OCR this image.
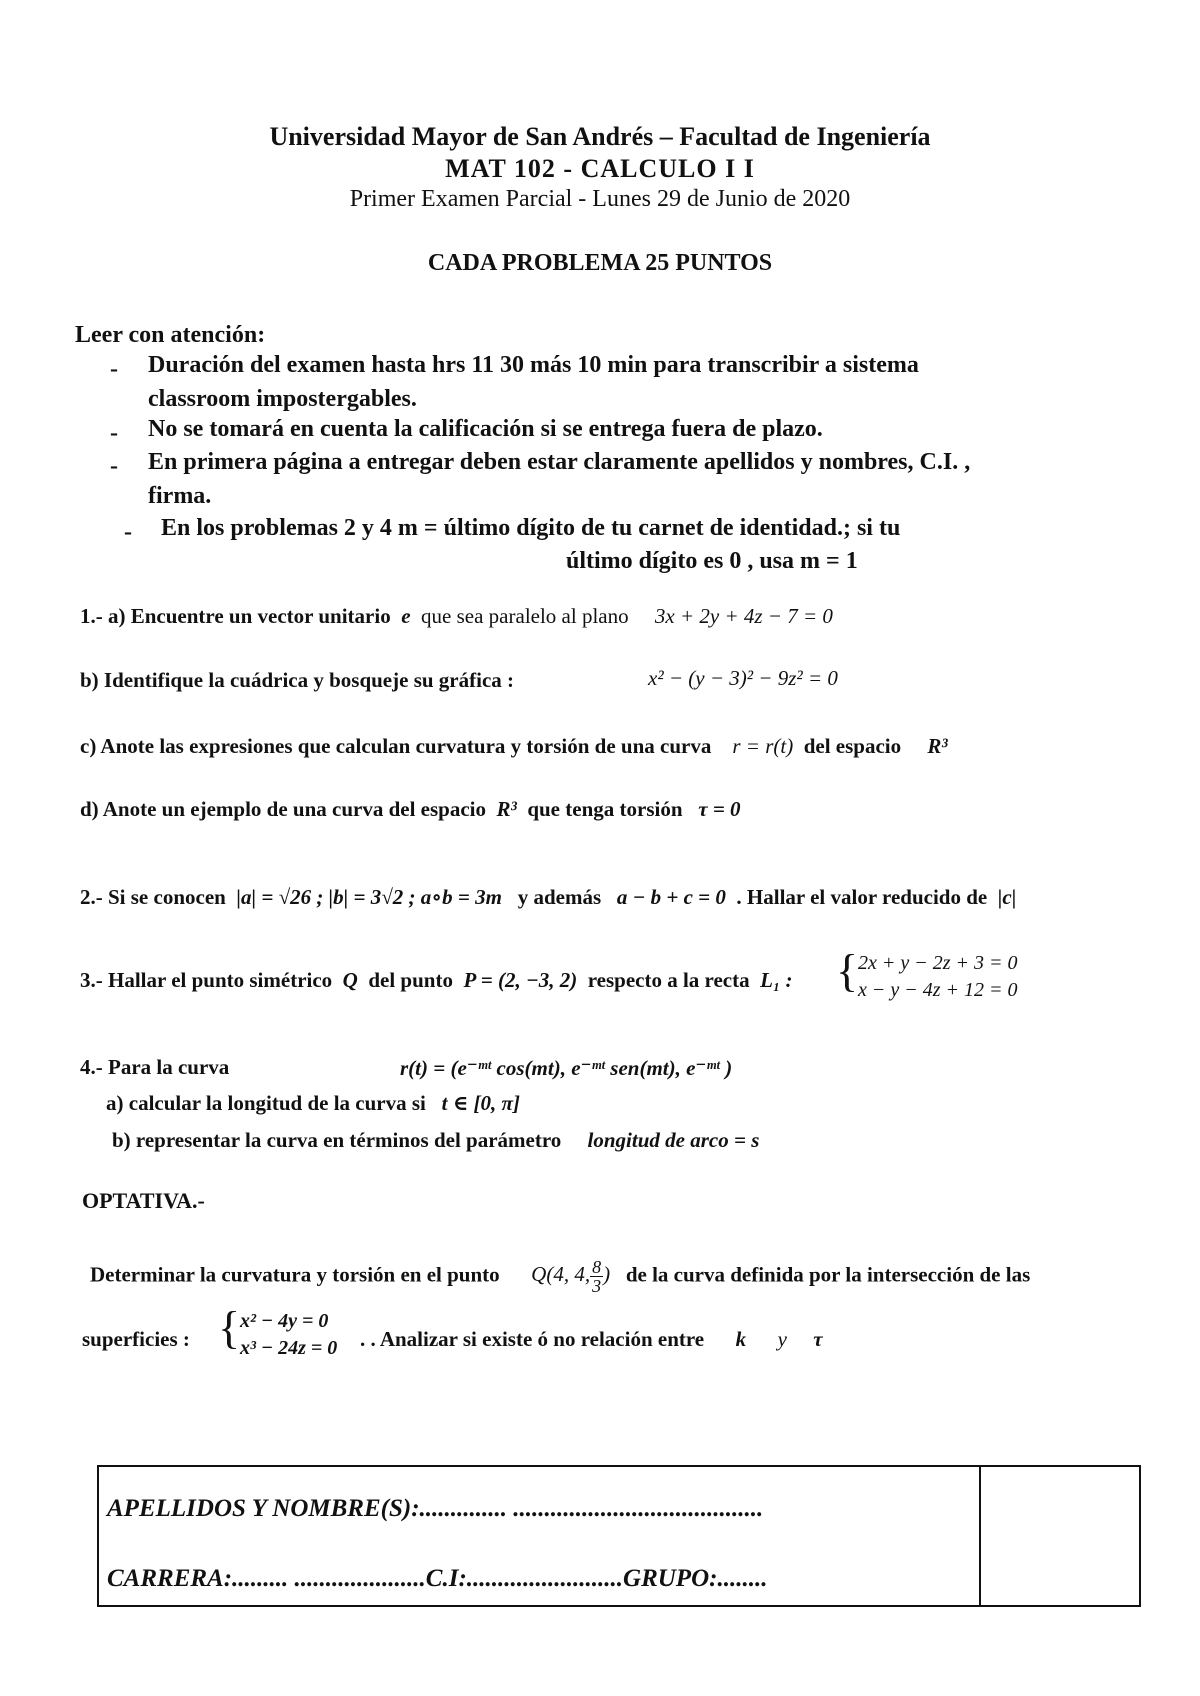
Universidad Mayor de San Andrés – Facultad de Ingeniería
MAT 102 - CALCULO I I
Primer Examen Parcial - Lunes 29 de Junio de 2020
CADA PROBLEMA 25 PUNTOS
Leer con atención:
- Duración del examen hasta hrs 11 30 más 10 min para transcribir a sistema
classroom impostergables.
- No se tomará en cuenta la calificación si se entrega fuera de plazo.
- En primera página a entregar deben estar claramente apellidos y nombres, C.I. ,
firma.
- En los problemas 2 y 4 m = último dígito de tu carnet de identidad.; si tu
último dígito es 0 , usa m = 1
1.- a) Encuentre un vector unitario e que sea paralelo al plano 3x + 2y + 4z − 7 = 0
b) Identifique la cuádrica y bosqueje su gráfica :	x² − (y − 3)² − 9z² = 0
c) Anote las expresiones que calculan curvatura y torsión de una curva r = r(t) del espacio R³
d) Anote un ejemplo de una curva del espacio R³ que tenga torsión τ = 0
2.- Si se conocen |a| = √26 ; |b| = 3√2 ; a∘b = 3m y además a − b + c = 0 . Hallar el valor reducido de |c|
3.- Hallar el punto simétrico Q del punto P = (2, −3, 2) respecto a la recta L₁ : { 2x + y − 2z + 3 = 0
x − y − 4z + 12 = 0
4.- Para la curva	r(t) = (e⁻ᵐᵗ cos(mt), e⁻ᵐᵗ sen(mt), e⁻ᵐᵗ )
a) calcular la longitud de la curva si t ∈ [0, π]
b) representar la curva en términos del parámetro longitud de arco = s
OPTATIVA.-
Determinar la curvatura y torsión en el punto Q(4, 4, $\frac{8}{3}$ ) de la curva definida por la intersección de las
superficies : { x² − 4y = 0
x³ − 24z = 0 . . Analizar si existe ó no relación entre k y τ
APELLIDOS Y NOMBRE(S):.............. ........................................
CARRERA:......... .....................C.I:.........................GRUPO:........
